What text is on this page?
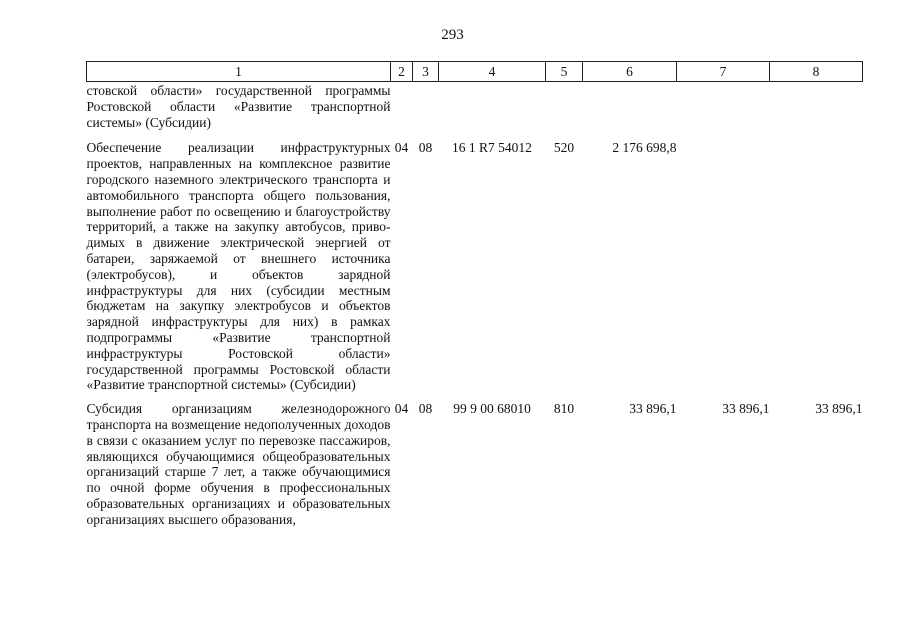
293
1	2	3	4	5	6	7	8
стовской области» государственной программы Ростовской области «Развитие транспортной системы» (Субсидии)							
Обеспечение реализации инфраструктурных проектов, направленных на комплексное развитие городского наземного электрического транспорта и автомобильного транспорта общего пользования, выполнение работ по освещению и благоустройству территорий, а также на закупку автобусов, приводимых в движение электрической энергией от батареи, заряжаемой от внешнего источника (электробусов), и объектов зарядной инфраструктуры для них (субсидии местным бюджетам на закупку электробусов и объектов зарядной инфраструктуры для них) в рамках подпрограммы «Развитие транспортной инфраструктуры Ростовской области» государственной программы Ростовской области «Развитие транспортной системы» (Субсидии)	04	08	16 1 R7 54012	520	2 176 698,8		
Субсидия организациям железнодорожного транспорта на возмещение недополученных доходов в связи с оказанием услуг по перевозке пассажиров, являющихся обучающимися общеобразовательных организаций старше 7 лет, а также обучающимися по очной форме обучения в профессиональных образовательных организациях и образовательных организациях высшего образования,	04	08	99 9 00 68010	810	33 896,1	33 896,1	33 896,1
